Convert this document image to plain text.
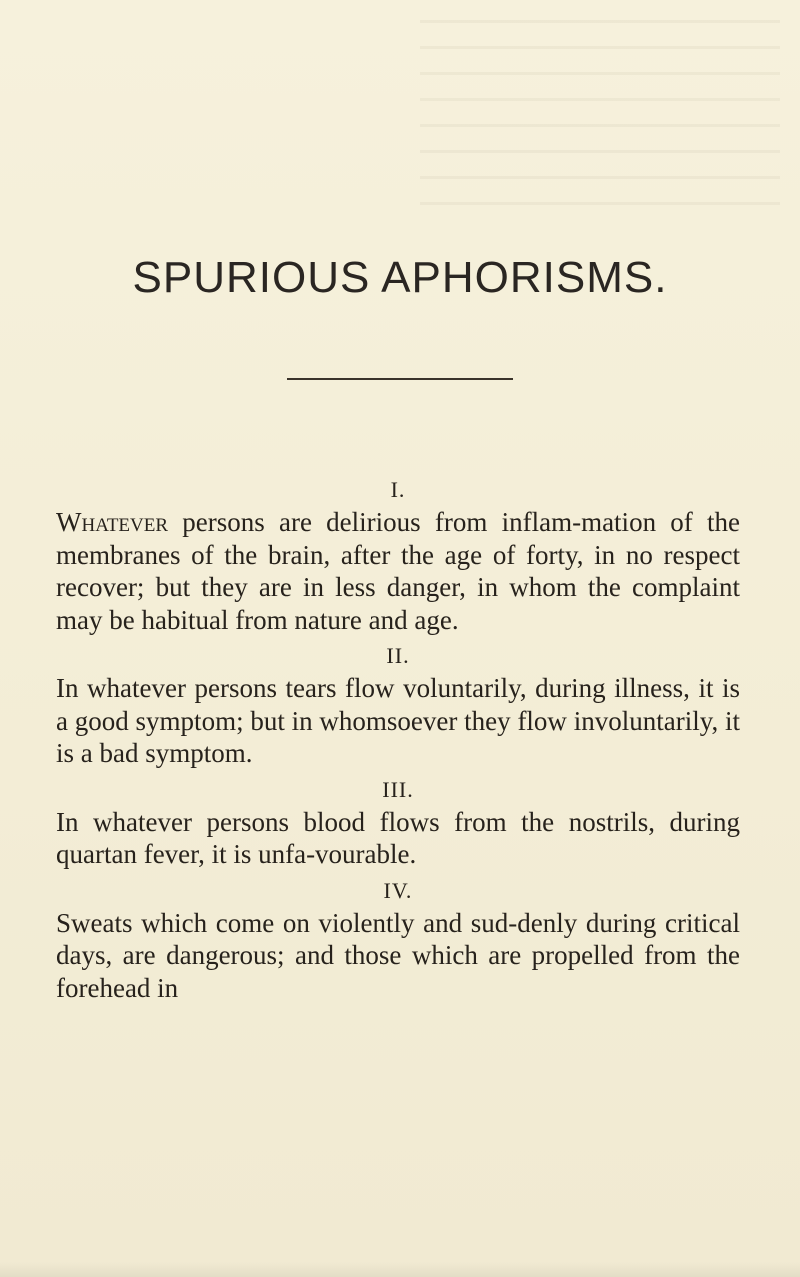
SPURIOUS APHORISMS.
I.

Whatever persons are delirious from inflam-mation of the membranes of the brain, after the age of forty, in no respect recover; but they are in less danger, in whom the complaint may be habitual from nature and age.

II.

In whatever persons tears flow voluntarily, during illness, it is a good symptom; but in whomsoever they flow involuntarily, it is a bad symptom.

III.

In whatever persons blood flows from the nostrils, during quartan fever, it is unfa-vourable.

IV.

Sweats which come on violently and sud-denly during critical days, are dangerous; and those which are propelled from the forehead in
